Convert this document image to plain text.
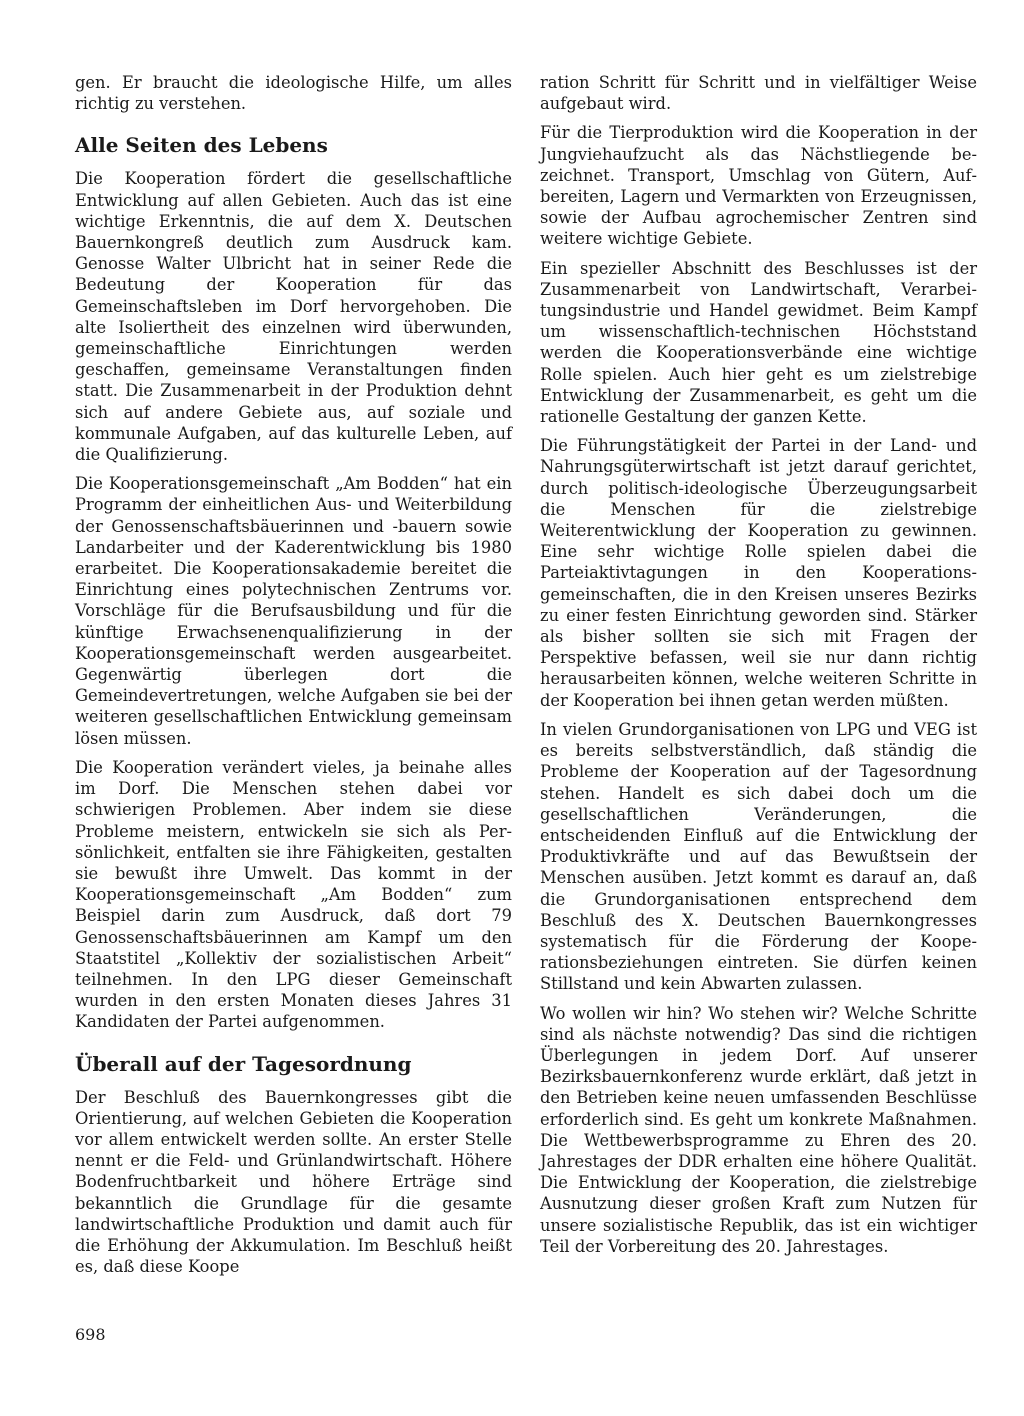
gen. Er braucht die ideologische Hilfe, um alles richtig zu verstehen.

Alle Seiten des Lebens

Die Kooperation fördert die gesellschaftliche Entwicklung auf allen Gebieten. Auch das ist eine wichtige Erkenntnis, die auf dem X. Deutschen Bauernkongreß deutlich zum Ausdruck kam. Genosse Walter Ulbricht hat in seiner Rede die Bedeutung der Kooperation für das Gemeinschaftsleben im Dorf hervorgehoben. Die alte Isoliertheit des einzelnen wird überwunden, gemeinschaftliche Einrichtungen werden geschaffen, gemeinsame Veranstaltungen finden statt. Die Zusammenarbeit in der Produktion dehnt sich auf andere Gebiete aus, auf soziale und kommunale Aufgaben, auf das kulturelle Leben, auf die Qualifizierung.

Die Kooperationsgemeinschaft „Am Bodden“ hat ein Programm der einheitlichen Aus- und Weiterbildung der Genossenschaftsbäuerinnen und -bauern sowie Landarbeiter und der Kaderentwicklung bis 1980 erarbeitet. Die Kooperationsakademie bereitet die Einrichtung eines polytechnischen Zentrums vor. Vorschläge für die Berufsausbildung und für die künftige Erwachsenenqualifizierung in der Kooperationsgemeinschaft werden ausgearbeitet. Gegenwärtig überlegen dort die Gemeindevertretungen, welche Aufgaben sie bei der weiteren gesellschaftlichen Entwicklung gemeinsam lösen müssen.

Die Kooperation verändert vieles, ja beinahe alles im Dorf. Die Menschen stehen dabei vor schwierigen Problemen. Aber indem sie diese Probleme meistern, entwickeln sie sich als Persönlichkeit, entfalten sie ihre Fähigkeiten, gestalten sie bewußt ihre Umwelt. Das kommt in der Kooperationsgemeinschaft „Am Bodden“ zum Beispiel darin zum Ausdruck, daß dort 79 Genossenschaftsbäuerinnen am Kampf um den Staatstitel „Kollektiv der sozialistischen Arbeit“ teilnehmen. In den LPG dieser Gemeinschaft wurden in den ersten Monaten dieses Jahres 31 Kandidaten der Partei aufgenommen.

Überall auf der Tagesordnung

Der Beschluß des Bauernkongresses gibt die Orientierung, auf welchen Gebieten die Kooperation vor allem entwickelt werden sollte. An erster Stelle nennt er die Feld- und Grünlandwirtschaft. Höhere Bodenfruchtbarkeit und höhere Erträge sind bekanntlich die Grundlage für die gesamte landwirtschaftliche Produktion und damit auch für die Erhöhung der Akkumulation. Im Beschluß heißt es, daß diese Koope

ration Schritt für Schritt und in vielfältiger Weise aufgebaut wird.

Für die Tierproduktion wird die Kooperation in der Jungviehaufzucht als das Nächstliegende bezeichnet. Transport, Umschlag von Gütern, Aufbereiten, Lagern und Vermarkten von Erzeugnissen, sowie der Aufbau agrochemischer Zentren sind weitere wichtige Gebiete.

Ein spezieller Abschnitt des Beschlusses ist der Zusammenarbeit von Landwirtschaft, Verarbeitungsindustrie und Handel gewidmet. Beim Kampf um wissenschaftlich-technischen Höchststand werden die Kooperationsverbände eine wichtige Rolle spielen. Auch hier geht es um zielstrebige Entwicklung der Zusammenarbeit, es geht um die rationelle Gestaltung der ganzen Kette.

Die Führungstätigkeit der Partei in der Land- und Nahrungsgüterwirtschaft ist jetzt darauf gerichtet, durch politisch-ideologische Überzeugungsarbeit die Menschen für die zielstrebige Weiterentwicklung der Kooperation zu gewinnen. Eine sehr wichtige Rolle spielen dabei die Parteiaktivtagungen in den Kooperationsgemeinschaften, die in den Kreisen unseres Bezirks zu einer festen Einrichtung geworden sind. Stärker als bisher sollten sie sich mit Fragen der Perspektive befassen, weil sie nur dann richtig herausarbeiten können, welche weiteren Schritte in der Kooperation bei ihnen getan werden müßten.

In vielen Grundorganisationen von LPG und VEG ist es bereits selbstverständlich, daß ständig die Probleme der Kooperation auf der Tagesordnung stehen. Handelt es sich dabei doch um die gesellschaftlichen Veränderungen, die entscheidenden Einfluß auf die Entwicklung der Produktivkräfte und auf das Bewußtsein der Menschen ausüben. Jetzt kommt es darauf an, daß die Grundorganisationen entsprechend dem Beschluß des X. Deutschen Bauernkongresses systematisch für die Förderung der Kooperationsbeziehungen eintreten. Sie dürfen keinen Stillstand und kein Abwarten zulassen.

Wo wollen wir hin? Wo stehen wir? Welche Schritte sind als nächste notwendig? Das sind die richtigen Überlegungen in jedem Dorf. Auf unserer Bezirksbauernkonferenz wurde erklärt, daß jetzt in den Betrieben keine neuen umfassenden Beschlüsse erforderlich sind. Es geht um konkrete Maßnahmen. Die Wettbewerbsprogramme zu Ehren des 20. Jahrestages der DDR erhalten eine höhere Qualität. Die Entwicklung der Kooperation, die zielstrebige Ausnutzung dieser großen Kraft zum Nutzen für unsere sozialistische Republik, das ist ein wichtiger Teil der Vorbereitung des 20. Jahrestages.

698
